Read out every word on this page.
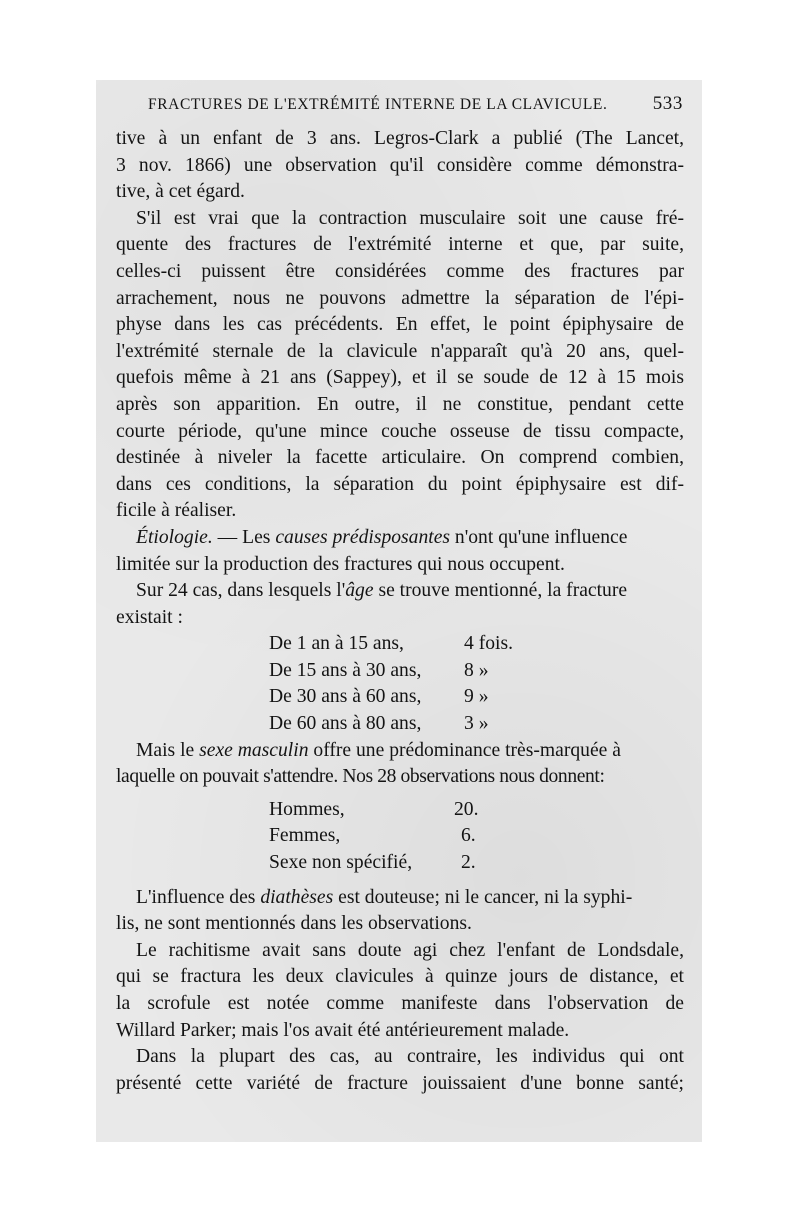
FRACTURES DE L'EXTRÉMITÉ INTERNE DE LA CLAVICULE. 533
tive à un enfant de 3 ans. Legros-Clark a publié (The Lancet,
3 nov. 1866) une observation qu'il considère comme démonstra-
tive, à cet égard.
S'il est vrai que la contraction musculaire soit une cause fré-
quente des fractures de l'extrémité interne et que, par suite,
celles-ci puissent être considérées comme des fractures par
arrachement, nous ne pouvons admettre la séparation de l'épi-
physe dans les cas précédents. En effet, le point épiphysaire de
l'extrémité sternale de la clavicule n'apparaît qu'à 20 ans, quel-
quefois même à 21 ans (Sappey), et il se soude de 12 à 15 mois
après son apparition. En outre, il ne constitue, pendant cette
courte période, qu'une mince couche osseuse de tissu compacte,
destinée à niveler la facette articulaire. On comprend combien,
dans ces conditions, la séparation du point épiphysaire est dif-
ficile à réaliser.
Étiologie. — Les causes prédisposantes n'ont qu'une influence
limitée sur la production des fractures qui nous occupent.
Sur 24 cas, dans lesquels l'âge se trouve mentionné, la fracture
existait :
De 1 an à 15 ans,	4 fois.
De 15 ans à 30 ans, 8 »
De 30 ans à 60 ans, 9 »
De 60 ans à 80 ans, 3 »
Mais le sexe masculin offre une prédominance très-marquée à
laquelle on pouvait s'attendre. Nos 28 observations nous donnent:
Hommes,	20.
Femmes,	6.
Sexe non spécifié, 2.
L'influence des diathèses est douteuse; ni le cancer, ni la syphi-
lis, ne sont mentionnés dans les observations.
Le rachitisme avait sans doute agi chez l'enfant de Londsdale,
qui se fractura les deux clavicules à quinze jours de distance, et
la scrofule est notée comme manifeste dans l'observation de
Willard Parker; mais l'os avait été antérieurement malade.
Dans la plupart des cas, au contraire, les individus qui ont
présenté cette variété de fracture jouissaient d'une bonne santé;
